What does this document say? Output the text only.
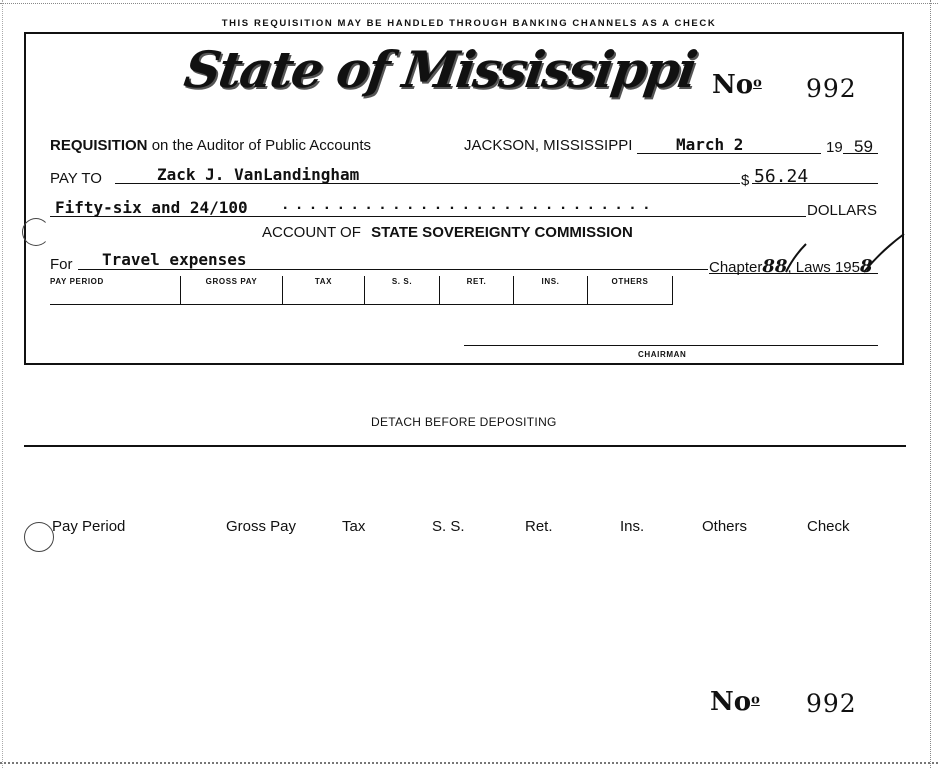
THIS REQUISITION MAY BE HANDLED THROUGH BANKING CHANNELS AS A CHECK
State of Mississippi No$^o$ 992
REQUISITION on the Auditor of Public Accounts	JACKSON, MISSISSIPPI	March 2	19 59
PAY TO	Zack J. VanLandingham	$ 56.24
Fifty-six and 24/100 . . . . . . . . . . . . . . . . . . . . . . . . . . .	DOLLARS
ACCOUNT OF STATE SOVEREIGNTY COMMISSION
For Travel expenses	Chapter88, Laws 1958
PAY PERIOD	GROSS PAY	TAX	S. S.	RET.	INS.	OTHERS
CHAIRMAN
DETACH BEFORE DEPOSITING
Pay Period	Gross Pay	Tax	S. S.	Ret.	Ins.	Others	Check
No$^o$ 992
